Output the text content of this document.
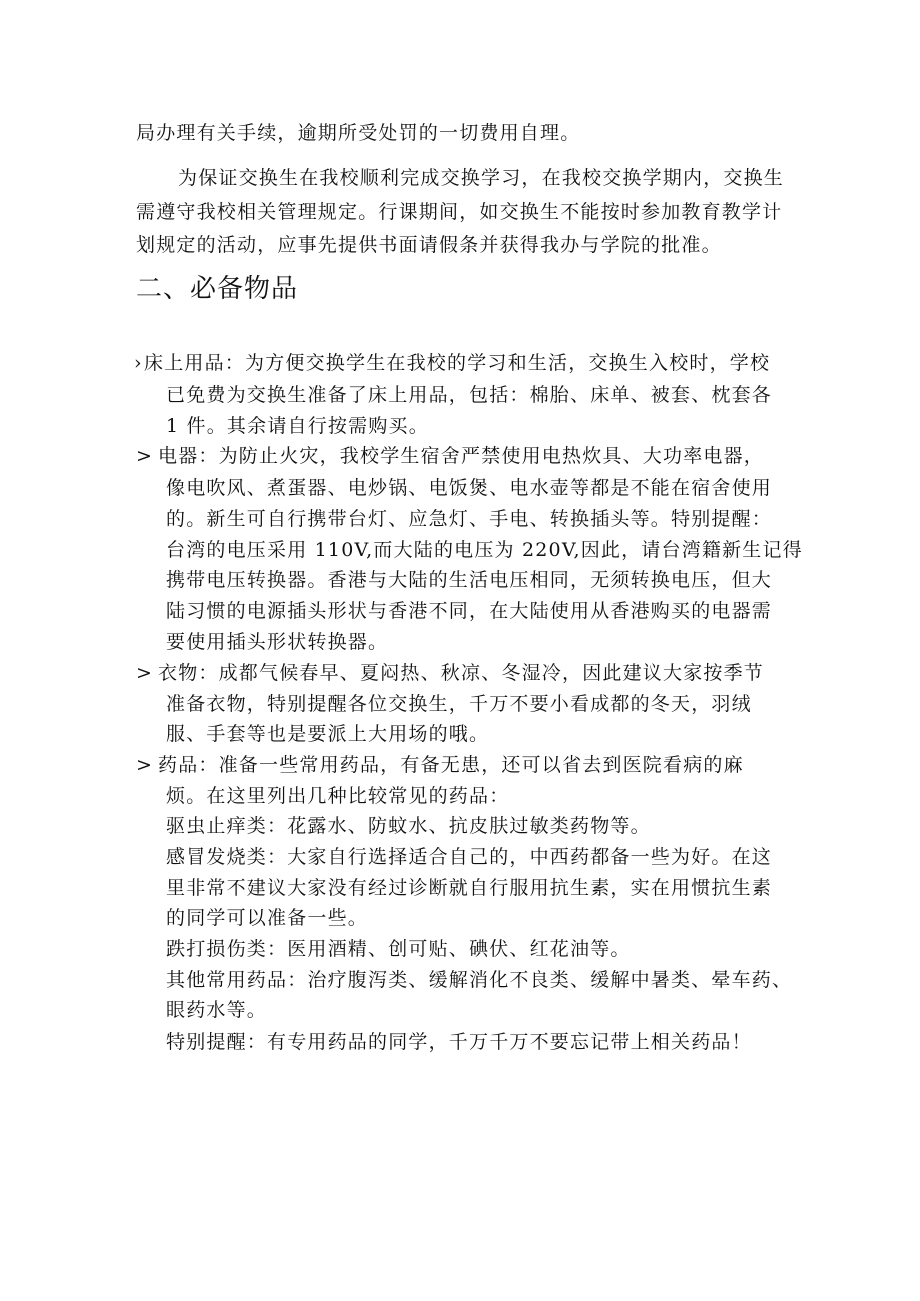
局办理有关手续，逾期所受处罚的一切费用自理。
为保证交换生在我校顺利完成交换学习，在我校交换学期内，交换生
需遵守我校相关管理规定。行课期间，如交换生不能按时参加教育教学计
划规定的活动，应事先提供书面请假条并获得我办与学院的批准。
二、必备物品
› 床上用品：为方便交换学生在我校的学习和生活，交换生入校时，学校
已免费为交换生准备了床上用品，包括：棉胎、床单、被套、枕套各
1 件。其余请自行按需购买。
> 电器：为防止火灾，我校学生宿舍严禁使用电热炊具、大功率电器，
像电吹风、煮蛋器、电炒锅、电饭煲、电水壶等都是不能在宿舍使用
的。新生可自行携带台灯、应急灯、手电、转换插头等。特别提醒：
台湾的电压采用 110V,而大陆的电压为 220V,因此，请台湾籍新生记得
携带电压转换器。香港与大陆的生活电压相同，无须转换电压，但大
陆习惯的电源插头形状与香港不同，在大陆使用从香港购买的电器需
要使用插头形状转换器。
> 衣物：成都气候春早、夏闷热、秋凉、冬湿冷，因此建议大家按季节
准备衣物，特别提醒各位交换生，千万不要小看成都的冬天，羽绒
服、手套等也是要派上大用场的哦。
> 药品：准备一些常用药品，有备无患，还可以省去到医院看病的麻
烦。在这里列出几种比较常见的药品：
驱虫止痒类：花露水、防蚊水、抗皮肤过敏类药物等。
感冒发烧类：大家自行选择适合自己的，中西药都备一些为好。在这
里非常不建议大家没有经过诊断就自行服用抗生素，实在用惯抗生素
的同学可以准备一些。
跌打损伤类：医用酒精、创可贴、碘伏、红花油等。
其他常用药品：治疗腹泻类、缓解消化不良类、缓解中暑类、晕车药、
眼药水等。
特别提醒：有专用药品的同学，千万千万不要忘记带上相关药品！
